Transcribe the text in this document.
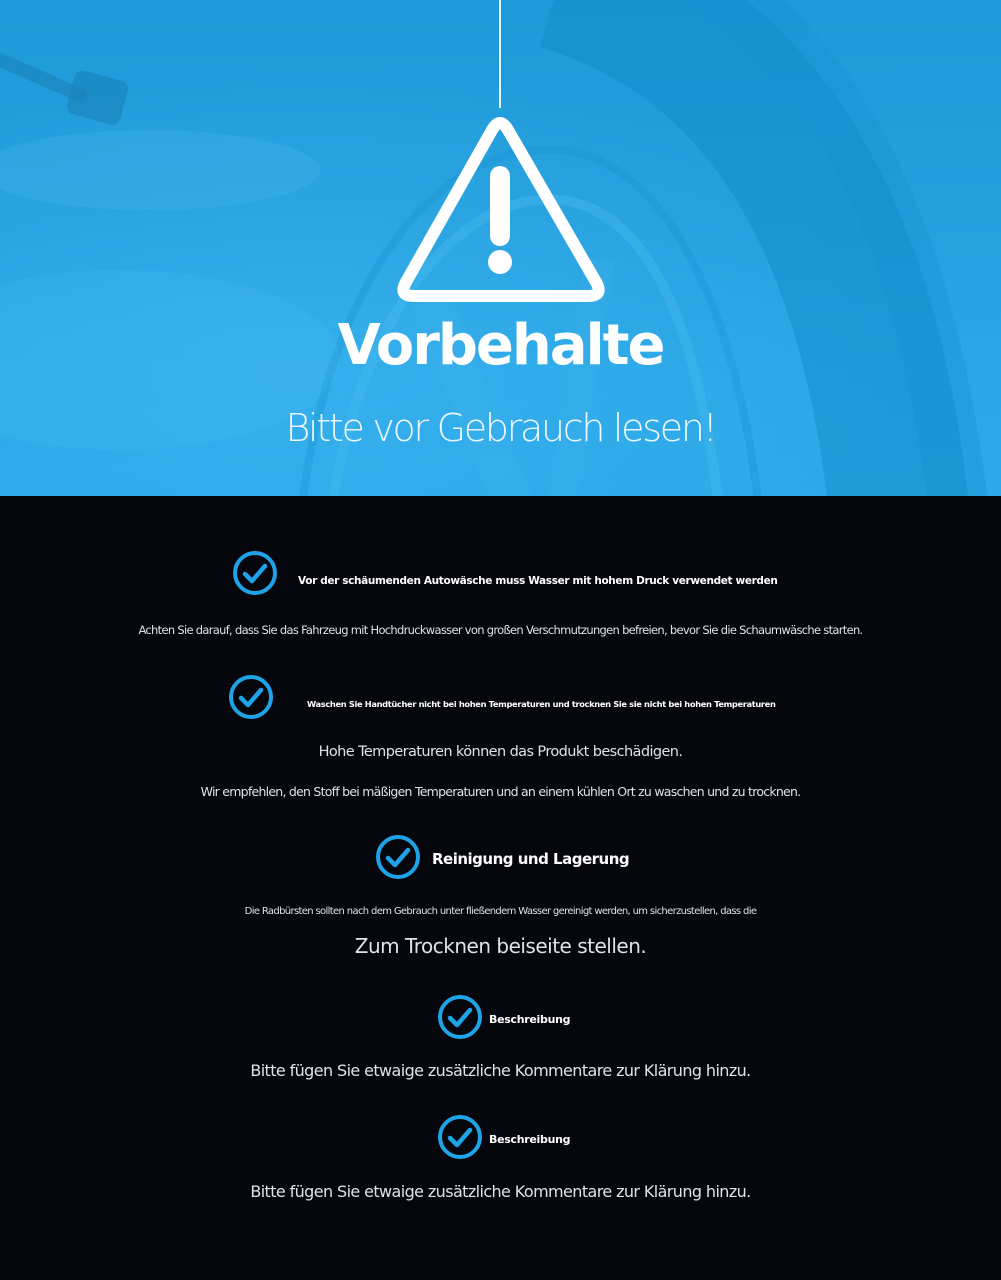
Vorbehalte
Bitte vor Gebrauch lesen!
Vor der schäumenden Autowäsche muss Wasser mit hohem Druck verwendet werden
Achten Sie darauf, dass Sie das Fahrzeug mit Hochdruckwasser von großen Verschmutzungen befreien, bevor Sie die Schaumwäsche starten.
Waschen Sie Handtücher nicht bei hohen Temperaturen und trocknen Sie sie nicht bei hohen Temperaturen
Hohe Temperaturen können das Produkt beschädigen.
Wir empfehlen, den Stoff bei mäßigen Temperaturen und an einem kühlen Ort zu waschen und zu trocknen.
Reinigung und Lagerung
Die Radbürsten sollten nach dem Gebrauch unter fließendem Wasser gereinigt werden, um sicherzustellen, dass die
Zum Trocknen beiseite stellen.
Beschreibung
Bitte fügen Sie etwaige zusätzliche Kommentare zur Klärung hinzu.
Beschreibung
Bitte fügen Sie etwaige zusätzliche Kommentare zur Klärung hinzu.
